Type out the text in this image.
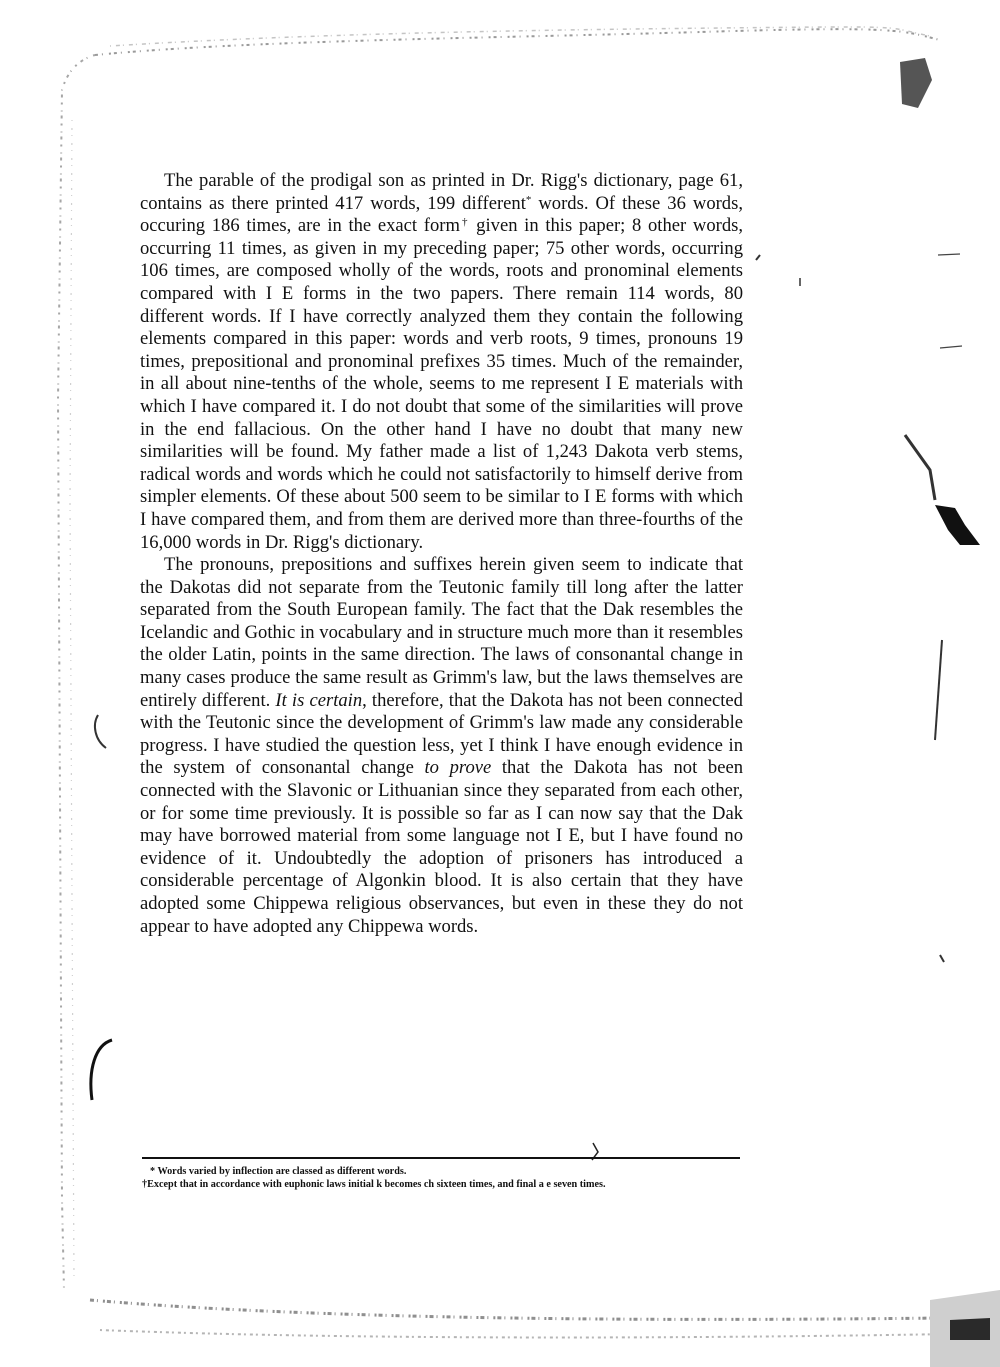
The parable of the prodigal son as printed in Dr. Rigg's dictionary, page 61, contains as there printed 417 words, 199 different* words. Of these 36 words, occuring 186 times, are in the exact form† given in this paper; 8 other words, occurring 11 times, as given in my preceding paper; 75 other words, occurring 106 times, are composed wholly of the words, roots and pronominal elements compared with I E forms in the two papers. There remain 114 words, 80 different words. If I have correctly analyzed them they contain the following elements compared in this paper: words and verb roots, 9 times, pronouns 19 times, prepositional and pronominal prefixes 35 times. Much of the remainder, in all about nine-tenths of the whole, seems to me represent I E materials with which I have compared it. I do not doubt that some of the similarities will prove in the end fallacious. On the other hand I have no doubt that many new similarities will be found. My father made a list of 1,243 Dakota verb stems, radical words and words which he could not satisfactorily to himself derive from simpler elements. Of these about 500 seem to be similar to I E forms with which I have compared them, and from them are derived more than three-fourths of the 16,000 words in Dr. Rigg's dictionary.

The pronouns, prepositions and suffixes herein given seem to indicate that the Dakotas did not separate from the Teutonic family till long after the latter separated from the South European family. The fact that the Dak resembles the Icelandic and Gothic in vocabulary and in structure much more than it resembles the older Latin, points in the same direction. The laws of consonantal change in many cases produce the same result as Grimm's law, but the laws themselves are entirely different. It is certain, therefore, that the Dakota has not been connected with the Teutonic since the development of Grimm's law made any considerable progress. I have studied the question less, yet I think I have enough evidence in the system of consonantal change to prove that the Dakota has not been connected with the Slavonic or Lithuanian since they separated from each other, or for some time previously. It is possible so far as I can now say that the Dak may have borrowed material from some language not I E, but I have found no evidence of it. Undoubtedly the adoption of prisoners has introduced a considerable percentage of Algonkin blood. It is also certain that they have adopted some Chippewa religious observances, but even in these they do not appear to have adopted any Chippewa words.

* Words varied by inflection are classed as different words.

†Except that in accordance with euphonic laws initial k becomes ch sixteen times, and final a e seven times.
